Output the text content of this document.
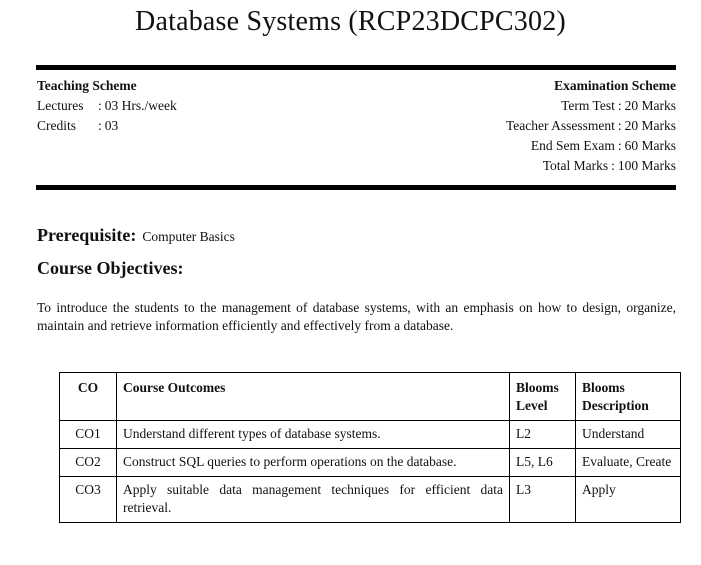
Database Systems (RCP23DCPC302)
Teaching Scheme
Lectures : 03 Hrs./week
Credits : 03
Examination Scheme
Term Test : 20 Marks
Teacher Assessment : 20 Marks
End Sem Exam : 60 Marks
Total Marks : 100 Marks
Prerequisite: Computer Basics
Course Objectives:
To introduce the students to the management of database systems, with an emphasis on how to design, organize, maintain and retrieve information efficiently and effectively from a database.
CO	Course Outcomes	Blooms Level	Blooms Description
CO1	Understand different types of database systems.	L2	Understand
CO2	Construct SQL queries to perform operations on the database.	L5, L6	Evaluate, Create
CO3	Apply suitable data management techniques for efficient data retrieval.	L3	Apply
